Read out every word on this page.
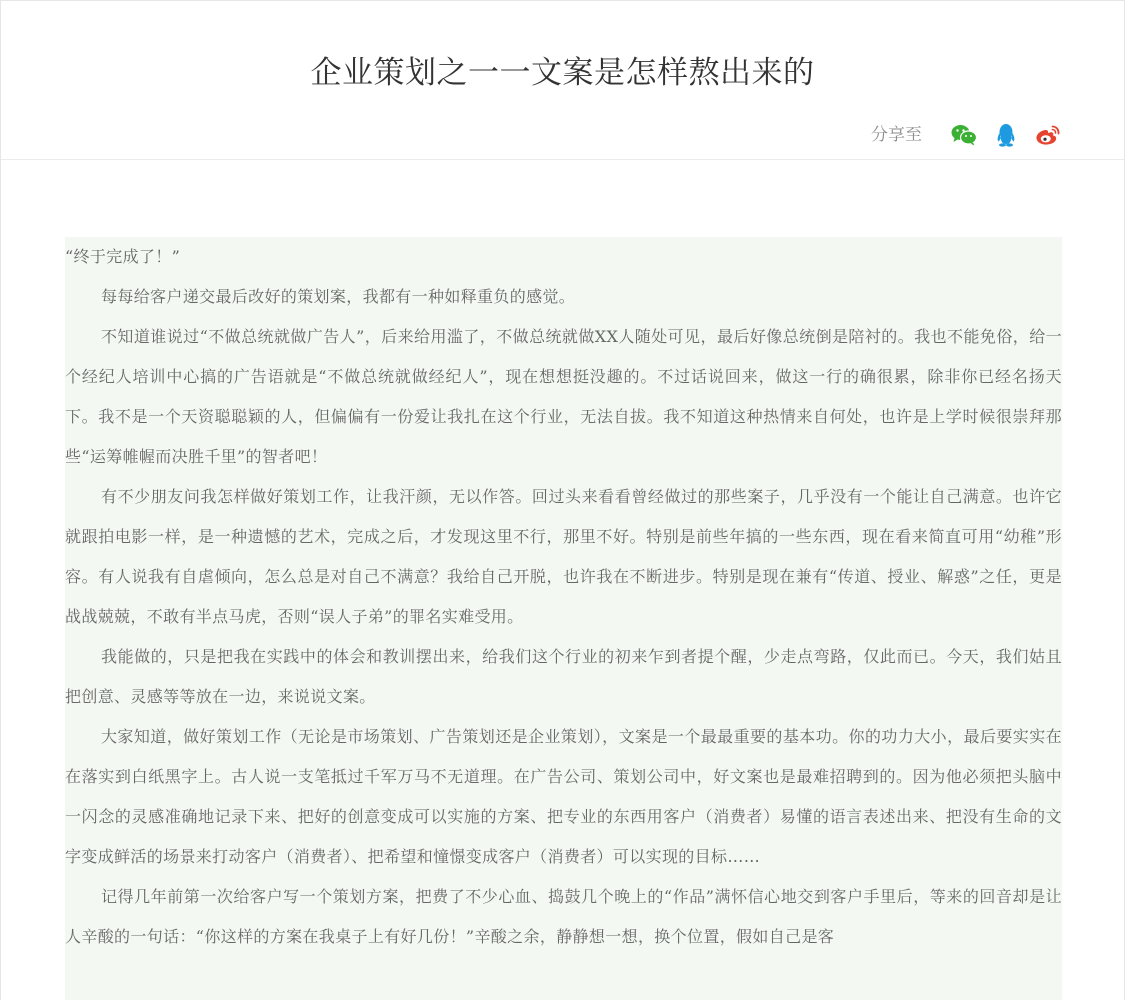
企业策划之一一文案是怎样熬出来的
分享至

“终于完成了！”

每每给客户递交最后改好的策划案，我都有一种如释重负的感觉。

不知道谁说过“不做总统就做广告人”，后来给用滥了，不做总统就做XX人随处可见，最后好像总统倒是陪衬的。我也不能免俗，给一个经纪人培训中心搞的广告语就是“不做总统就做经纪人”，现在想想挺没趣的。不过话说回来，做这一行的确很累，除非你已经名扬天下。我不是一个天资聪聪颖的人，但偏偏有一份爱让我扎在这个行业，无法自拔。我不知道这种热情来自何处，也许是上学时候很崇拜那些“运筹帷幄而决胜千里”的智者吧！

有不少朋友问我怎样做好策划工作，让我汗颜，无以作答。回过头来看看曾经做过的那些案子，几乎没有一个能让自己满意。也许它就跟拍电影一样，是一种遗憾的艺术，完成之后，才发现这里不行，那里不好。特别是前些年搞的一些东西，现在看来简直可用“幼稚”形容。有人说我有自虐倾向，怎么总是对自己不满意？我给自己开脱，也许我在不断进步。特别是现在兼有“传道、授业、解惑”之任，更是战战兢兢，不敢有半点马虎，否则“误人子弟”的罪名实难受用。

我能做的，只是把我在实践中的体会和教训摆出来，给我们这个行业的初来乍到者提个醒，少走点弯路，仅此而已。今天，我们姑且把创意、灵感等等放在一边，来说说文案。

大家知道，做好策划工作（无论是市场策划、广告策划还是企业策划），文案是一个最最重要的基本功。你的功力大小，最后要实实在在落实到白纸黑字上。古人说一支笔抵过千军万马不无道理。在广告公司、策划公司中，好文案也是最难招聘到的。因为他必须把头脑中一闪念的灵感准确地记录下来、把好的创意变成可以实施的方案、把专业的东西用客户（消费者）易懂的语言表述出来、把没有生命的文字变成鲜活的场景来打动客户（消费者）、把希望和憧憬变成客户（消费者）可以实现的目标……

记得几年前第一次给客户写一个策划方案，把费了不少心血、捣鼓几个晚上的“作品”满怀信心地交到客户手里后，等来的回音却是让人辛酸的一句话：“你这样的方案在我桌子上有好几份！”辛酸之余，静静想一想，换个位置，假如自己是客
